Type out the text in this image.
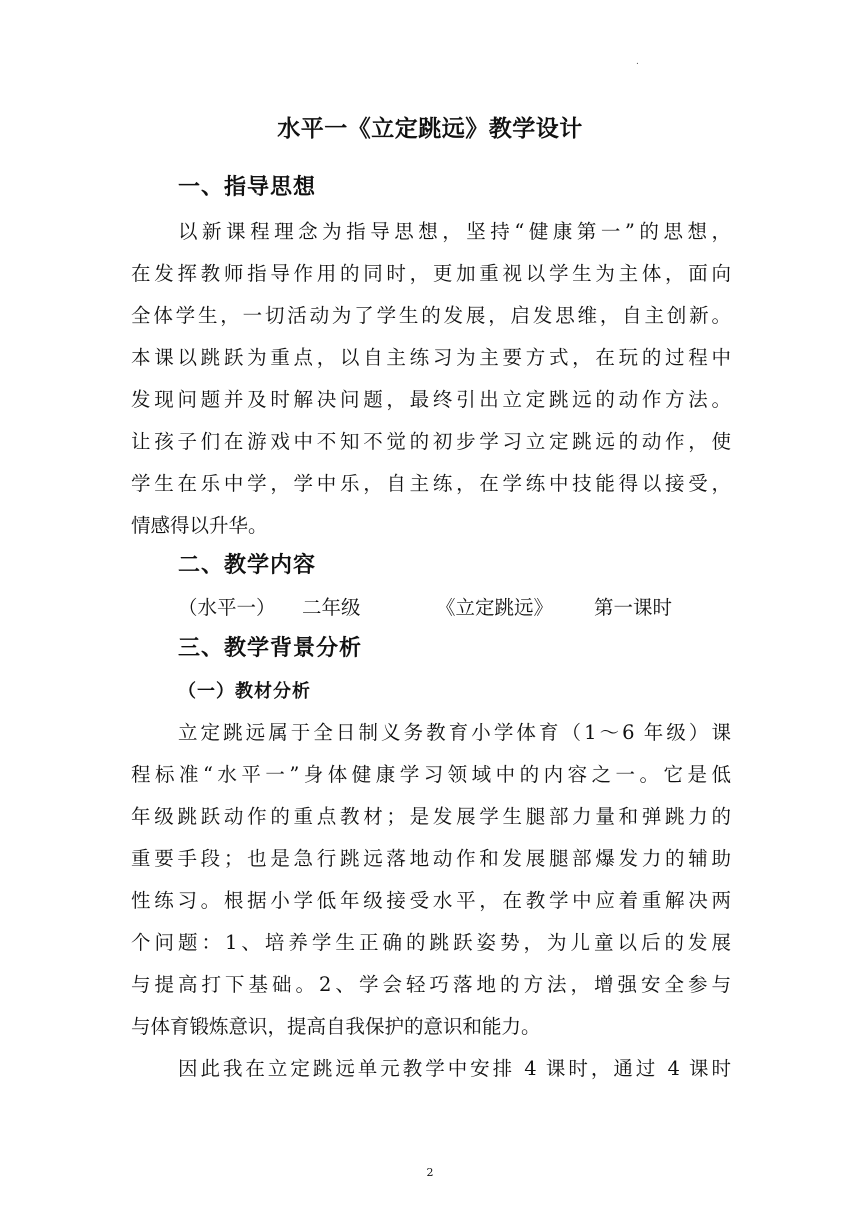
.
水平一《立定跳远》教学设计
一、指导思想
以新课程理念为指导思想，坚持“健康第一”的思想，
在发挥教师指导作用的同时，更加重视以学生为主体，面向
全体学生，一切活动为了学生的发展，启发思维，自主创新。
本课以跳跃为重点，以自主练习为主要方式，在玩的过程中
发现问题并及时解决问题，最终引出立定跳远的动作方法。
让孩子们在游戏中不知不觉的初步学习立定跳远的动作，使
学生在乐中学，学中乐，自主练，在学练中技能得以接受，
情感得以升华。
二、教学内容
（水平一） 二年级	《立定跳远》 第一课时
三、教学背景分析
（一）教材分析
立定跳远属于全日制义务教育小学体育（1～6 年级）课
程标准“水平一”身体健康学习领域中的内容之一。它是低
年级跳跃动作的重点教材；是发展学生腿部力量和弹跳力的
重要手段；也是急行跳远落地动作和发展腿部爆发力的辅助
性练习。根据小学低年级接受水平，在教学中应着重解决两
个问题：1、培养学生正确的跳跃姿势，为儿童以后的发展
与提高打下基础。2、学会轻巧落地的方法，增强安全参与
与体育锻炼意识，提高自我保护的意识和能力。
因此我在立定跳远单元教学中安排 4 课时，通过 4 课时
2
